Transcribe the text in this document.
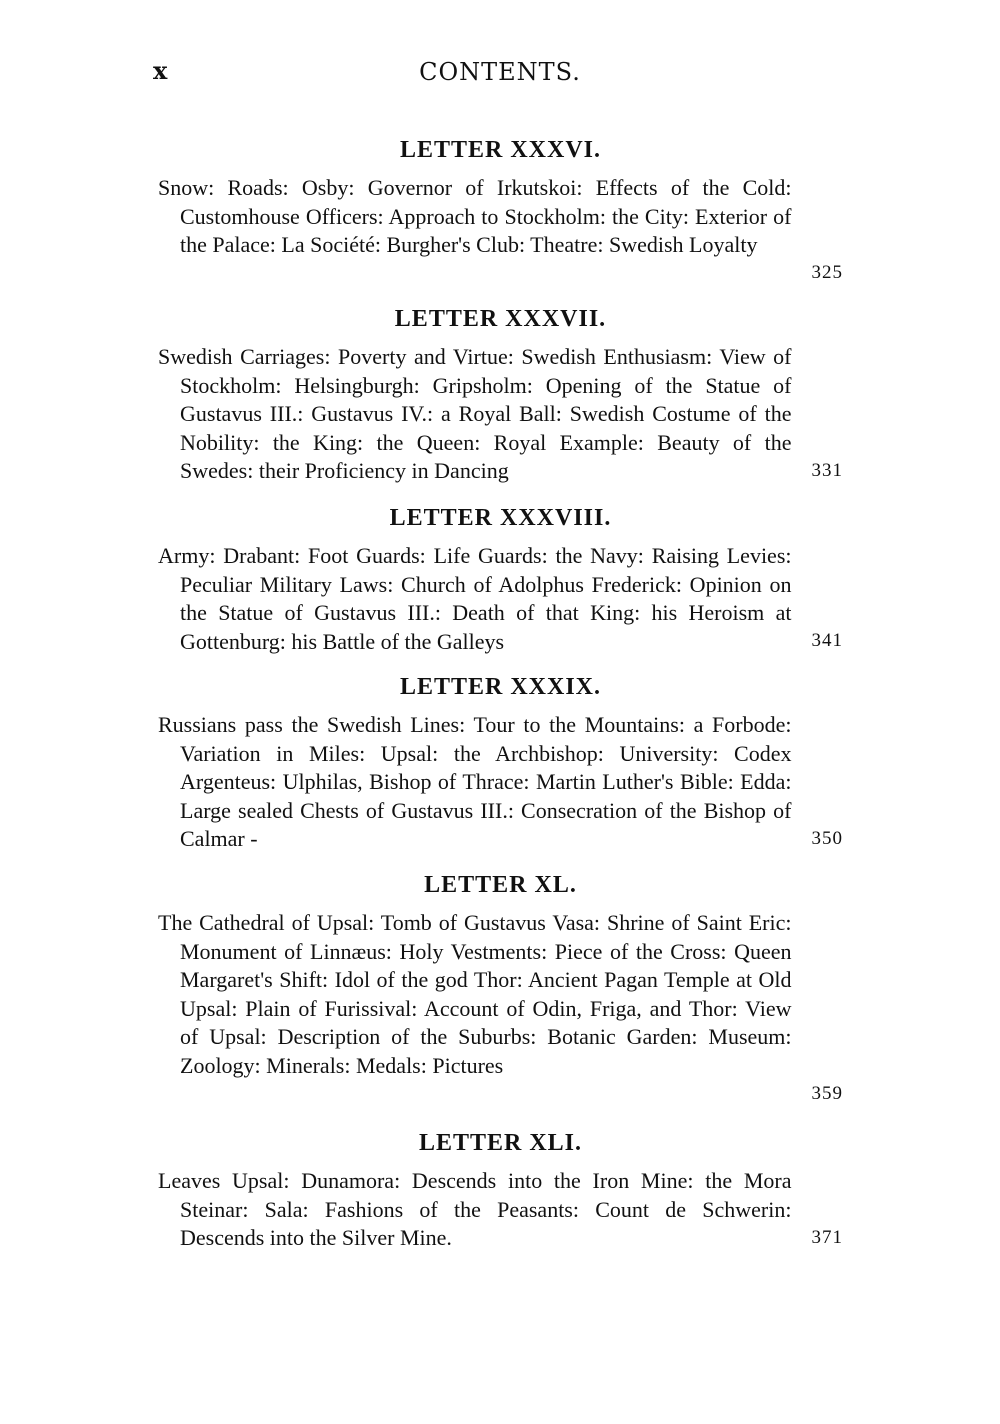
x	CONTENTS.
LETTER XXXVI.

325
Snow: Roads: Osby: Governor of Irkutskoi: Effects of the Cold: Customhouse Officers: Approach to Stockholm: the City: Exterior of the Palace: La Société: Burgher's Club: Theatre: Swedish Loyalty

LETTER XXXVII.

331
Swedish Carriages: Poverty and Virtue: Swedish Enthusiasm: View of Stockholm: Helsingburgh: Gripsholm: Opening of the Statue of Gustavus III.: Gustavus IV.: a Royal Ball: Swedish Costume of the Nobility: the King: the Queen: Royal Example: Beauty of the Swedes: their Proficiency in Dancing

LETTER XXXVIII.

341
Army: Drabant: Foot Guards: Life Guards: the Navy: Raising Levies: Peculiar Military Laws: Church of Adolphus Frederick: Opinion on the Statue of Gustavus III.: Death of that King: his Heroism at Gottenburg: his Battle of the Galleys

LETTER XXXIX.

350
Russians pass the Swedish Lines: Tour to the Mountains: a Forbode: Variation in Miles: Upsal: the Archbishop: University: Codex Argenteus: Ulphilas, Bishop of Thrace: Martin Luther's Bible: Edda: Large sealed Chests of Gustavus III.: Consecration of the Bishop of Calmar -

LETTER XL.

359
The Cathedral of Upsal: Tomb of Gustavus Vasa: Shrine of Saint Eric: Monument of Linnæus: Holy Vestments: Piece of the Cross: Queen Margaret's Shift: Idol of the god Thor: Ancient Pagan Temple at Old Upsal: Plain of Furissival: Account of Odin, Friga, and Thor: View of Upsal: Description of the Suburbs: Botanic Garden: Museum: Zoology: Minerals: Medals: Pictures

LETTER XLI.

371
Leaves Upsal: Dunamora: Descends into the Iron Mine: the Mora Steinar: Sala: Fashions of the Peasants: Count de Schwerin: Descends into the Silver Mine.
